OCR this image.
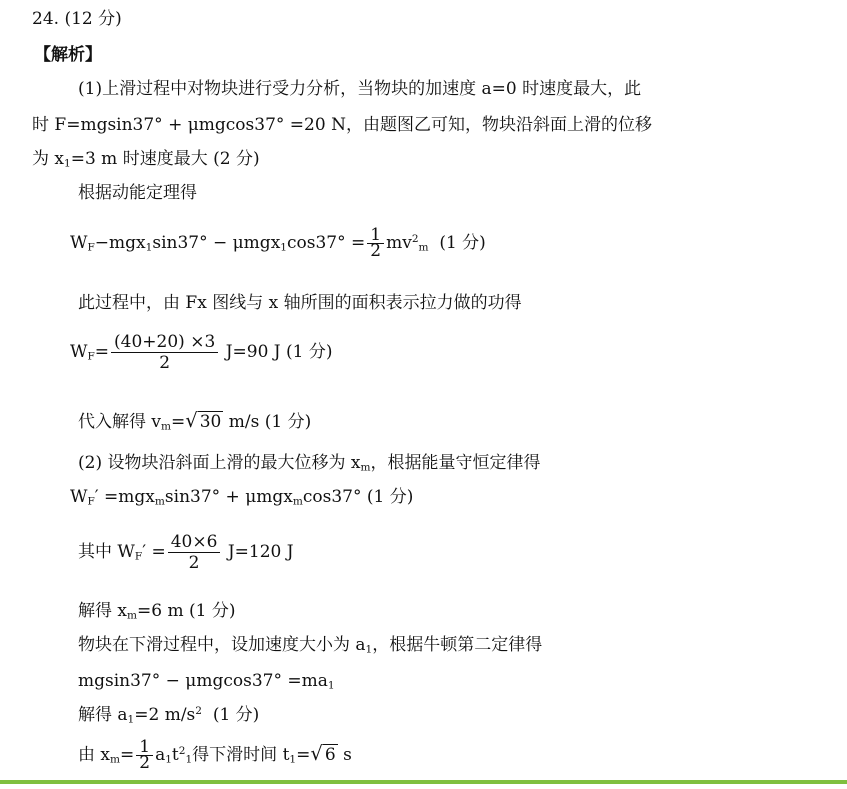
24. (12 分)
【解析】
(1)上滑过程中对物块进行受力分析，当物块的加速度 a=0 时速度最大，此
时 F=mgsin37° + μmgcos37° =20 N，由题图乙可知，物块沿斜面上滑的位移
为 $x_1=3$ m 时速度最大 (2 分)
根据动能定理得
$W_F-mgx_1\sin 37^\circ - \mu mgx_1\cos 37^\circ = \frac{1}{2} mv^2_m$ (1 分)
此过程中，由 Fx 图线与 x 轴所围的面积表示拉力做的功得
$W_F= \frac{(40+20) \times 3}{2} J=90$ J (1 分)
代入解得 $v_m=√$ 30 m/s (1 分)
(2) 设物块沿斜面上滑的最大位移为 $x_m$，根据能量守恒定律得
$W_F' =mgx_m\sin 37^\circ + \mu mgx_m\cos 37^\circ$ (1 分)
其中 $W_F' = \frac{40\times 6}{2} J=120$ J
解得 $x_m=6$ m (1 分)
物块在下滑过程中，设加速度大小为 $a_1$，根据牛顿第二定律得
$mgsin37^\circ - \mu mgcos37^\circ =ma_1$
解得 $a_1=2$ $m/s^2$ (1 分)
由 $x_m= \frac{1}{2} a_1t^2_1$得下滑时间 $t_1=√$ 6 s
